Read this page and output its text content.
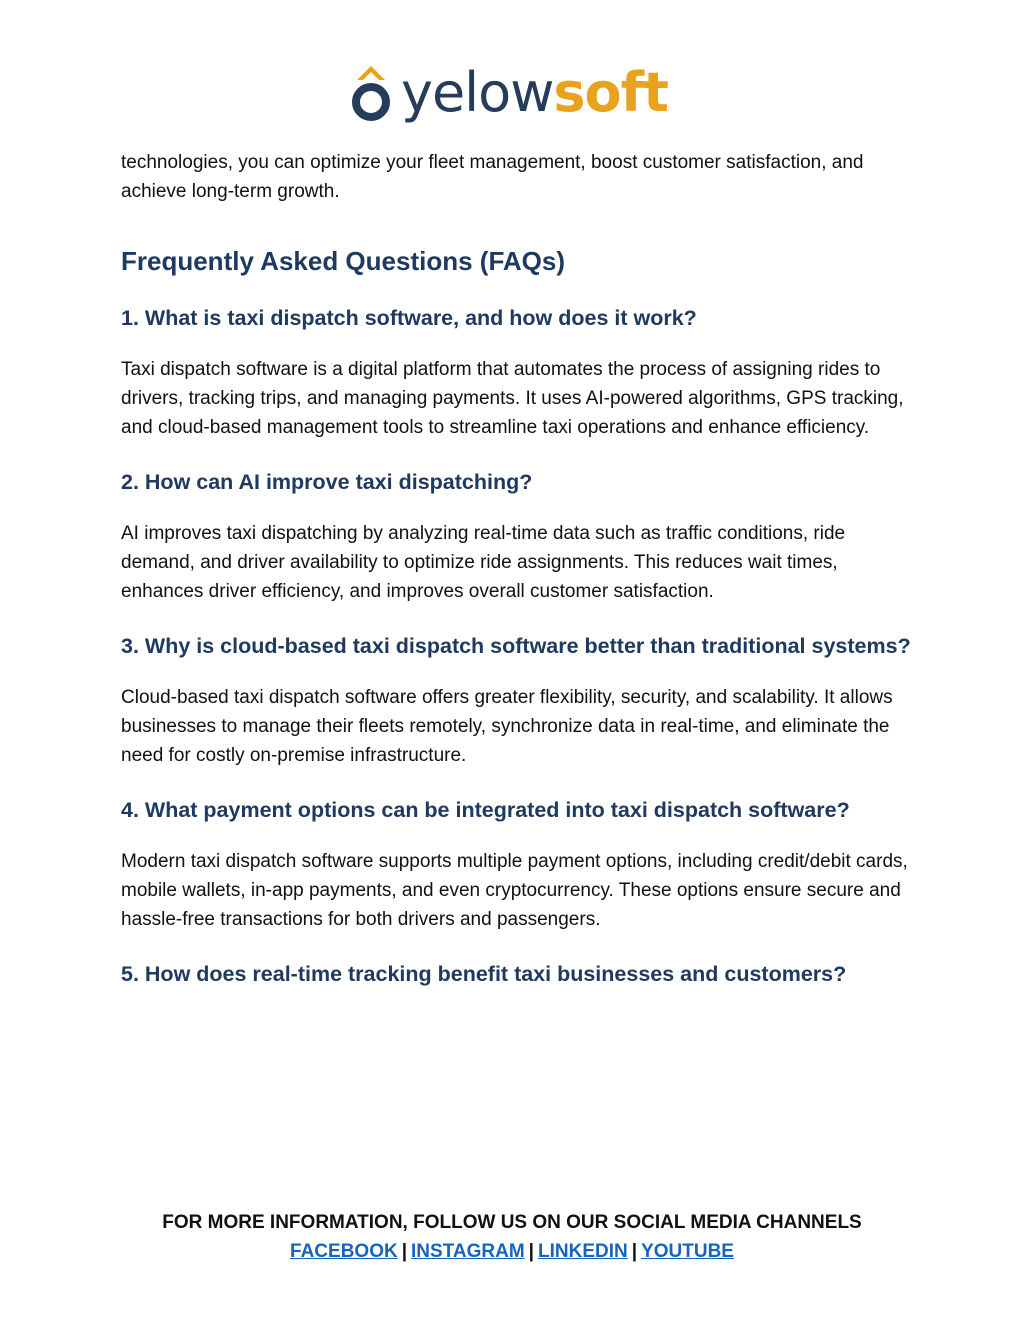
yelowsoft

technologies, you can optimize your fleet management, boost customer satisfaction, and achieve long-term growth.

Frequently Asked Questions (FAQs)
1. What is taxi dispatch software, and how does it work?

Taxi dispatch software is a digital platform that automates the process of assigning rides to drivers, tracking trips, and managing payments. It uses AI-powered algorithms, GPS tracking, and cloud-based management tools to streamline taxi operations and enhance efficiency.

2. How can AI improve taxi dispatching?

AI improves taxi dispatching by analyzing real-time data such as traffic conditions, ride demand, and driver availability to optimize ride assignments. This reduces wait times, enhances driver efficiency, and improves overall customer satisfaction.

3. Why is cloud-based taxi dispatch software better than traditional systems?

Cloud-based taxi dispatch software offers greater flexibility, security, and scalability. It allows businesses to manage their fleets remotely, synchronize data in real-time, and eliminate the need for costly on-premise infrastructure.

4. What payment options can be integrated into taxi dispatch software?

Modern taxi dispatch software supports multiple payment options, including credit/debit cards, mobile wallets, in-app payments, and even cryptocurrency. These options ensure secure and hassle-free transactions for both drivers and passengers.

5. How does real-time tracking benefit taxi businesses and customers?
FOR MORE INFORMATION, FOLLOW US ON OUR SOCIAL MEDIA CHANNELS
FACEBOOK | INSTAGRAM | LINKEDIN | YOUTUBE
